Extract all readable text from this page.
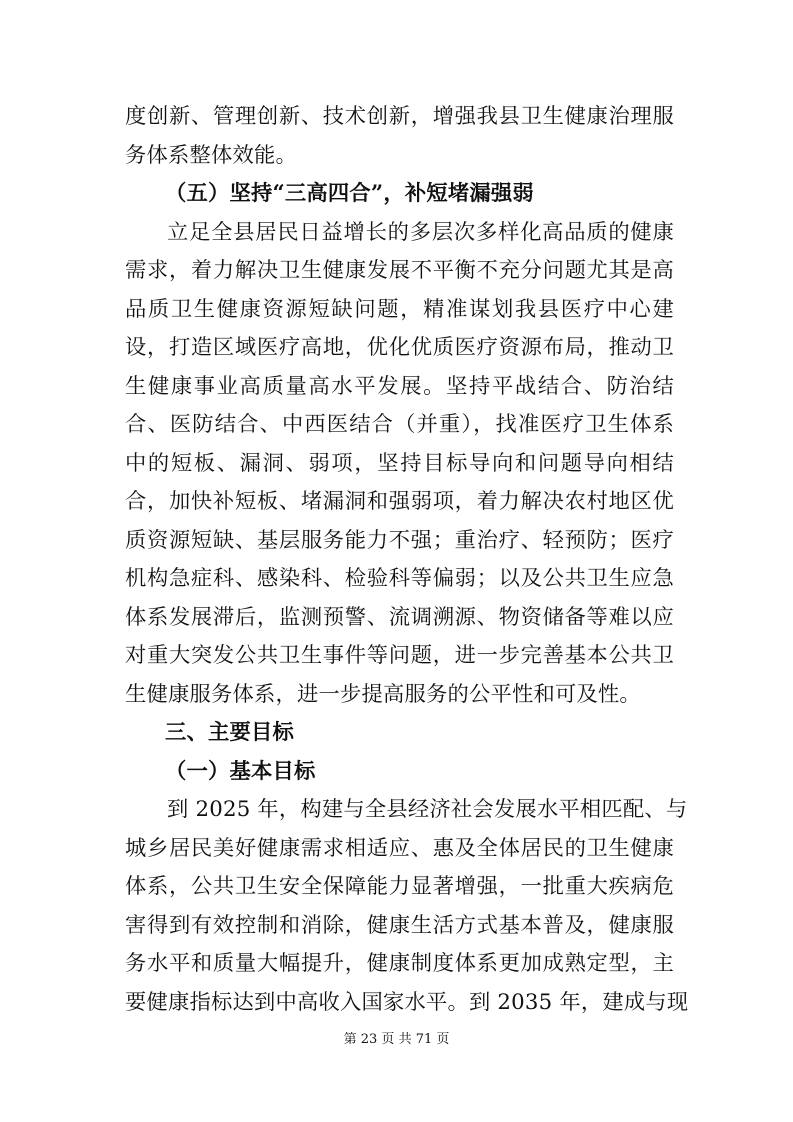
度创新、管理创新、技术创新，增强我县卫生健康治理服
务体系整体效能。
（五）坚持“三高四合”，补短堵漏强弱
立足全县居民日益增长的多层次多样化高品质的健康
需求，着力解决卫生健康发展不平衡不充分问题尤其是高
品质卫生健康资源短缺问题，精准谋划我县医疗中心建
设，打造区域医疗高地，优化优质医疗资源布局，推动卫
生健康事业高质量高水平发展。坚持平战结合、防治结
合、医防结合、中西医结合（并重），找准医疗卫生体系
中的短板、漏洞、弱项，坚持目标导向和问题导向相结
合，加快补短板、堵漏洞和强弱项，着力解决农村地区优
质资源短缺、基层服务能力不强；重治疗、轻预防；医疗
机构急症科、感染科、检验科等偏弱；以及公共卫生应急
体系发展滞后，监测预警、流调溯源、物资储备等难以应
对重大突发公共卫生事件等问题，进一步完善基本公共卫
生健康服务体系，进一步提高服务的公平性和可及性。
三、主要目标
（一）基本目标
到 2025 年，构建与全县经济社会发展水平相匹配、与
城乡居民美好健康需求相适应、惠及全体居民的卫生健康
体系，公共卫生安全保障能力显著增强，一批重大疾病危
害得到有效控制和消除，健康生活方式基本普及，健康服
务水平和质量大幅提升，健康制度体系更加成熟定型，主
要健康指标达到中高收入国家水平。到 2035 年，建成与现
第 23 页 共 71 页
